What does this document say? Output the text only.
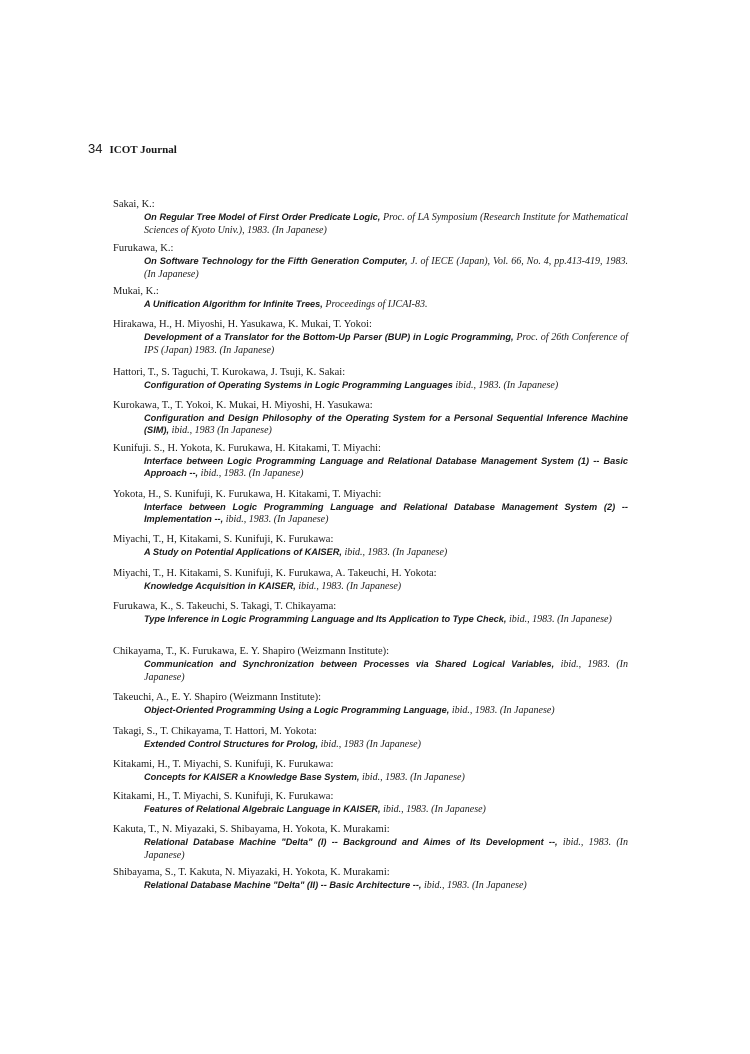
34 ICOT Journal
Sakai, K.:
On Regular Tree Model of First Order Predicate Logic, Proc. of LA Symposium (Research Institute for Mathematical Sciences of Kyoto Univ.), 1983. (In Japanese)
Furukawa, K.:
On Software Technology for the Fifth Generation Computer, J. of IECE (Japan), Vol. 66, No. 4, pp.413-419, 1983. (In Japanese)
Mukai, K.:
A Unification Algorithm for Infinite Trees, Proceedings of IJCAI-83.
Hirakawa, H., H. Miyoshi, H. Yasukawa, K. Mukai, T. Yokoi:
Development of a Translator for the Bottom-Up Parser (BUP) in Logic Programming, Proc. of 26th Conference of IPS (Japan) 1983. (In Japanese)
Hattori, T., S. Taguchi, T. Kurokawa, J. Tsuji, K. Sakai:
Configuration of Operating Systems in Logic Programming Languages ibid., 1983. (In Japanese)
Kurokawa, T., T. Yokoi, K. Mukai, H. Miyoshi, H. Yasukawa:
Configuration and Design Philosophy of the Operating System for a Personal Sequential Inference Machine (SIM), ibid., 1983 (In Japanese)
Kunifuji. S., H. Yokota, K. Furukawa, H. Kitakami, T. Miyachi:
Interface between Logic Programming Language and Relational Database Management System (1) -- Basic Approach --, ibid., 1983. (In Japanese)
Yokota, H., S. Kunifuji, K. Furukawa, H. Kitakami, T. Miyachi:
Interface between Logic Programming Language and Relational Database Management System (2) -- Implementation --, ibid., 1983. (In Japanese)
Miyachi, T., H, Kitakami, S. Kunifuji, K. Furukawa:
A Study on Potential Applications of KAISER, ibid., 1983. (In Japanese)
Miyachi, T., H. Kitakami, S. Kunifuji, K. Furukawa, A. Takeuchi, H. Yokota:
Knowledge Acquisition in KAISER, ibid., 1983. (In Japanese)
Furukawa, K., S. Takeuchi, S. Takagi, T. Chikayama:
Type Inference in Logic Programming Language and Its Application to Type Check, ibid., 1983. (In Japanese)
Chikayama, T., K. Furukawa, E. Y. Shapiro (Weizmann Institute):
Communication and Synchronization between Processes via Shared Logical Variables, ibid., 1983. (In Japanese)
Takeuchi, A., E. Y. Shapiro (Weizmann Institute):
Object-Oriented Programming Using a Logic Programming Language, ibid., 1983. (In Japanese)
Takagi, S., T. Chikayama, T. Hattori, M. Yokota:
Extended Control Structures for Prolog, ibid., 1983 (In Japanese)
Kitakami, H., T. Miyachi, S. Kunifuji, K. Furukawa:
Concepts for KAISER a Knowledge Base System, ibid., 1983. (In Japanese)
Kitakami, H., T. Miyachi, S. Kunifuji, K. Furukawa:
Features of Relational Algebraic Language in KAISER, ibid., 1983. (In Japanese)
Kakuta, T., N. Miyazaki, S. Shibayama, H. Yokota, K. Murakami:
Relational Database Machine "Delta" (I) -- Background and Aimes of Its Development --, ibid., 1983. (In Japanese)
Shibayama, S., T. Kakuta, N. Miyazaki, H. Yokota, K. Murakami:
Relational Database Machine "Delta" (II) -- Basic Architecture --, ibid., 1983. (In Japanese)
